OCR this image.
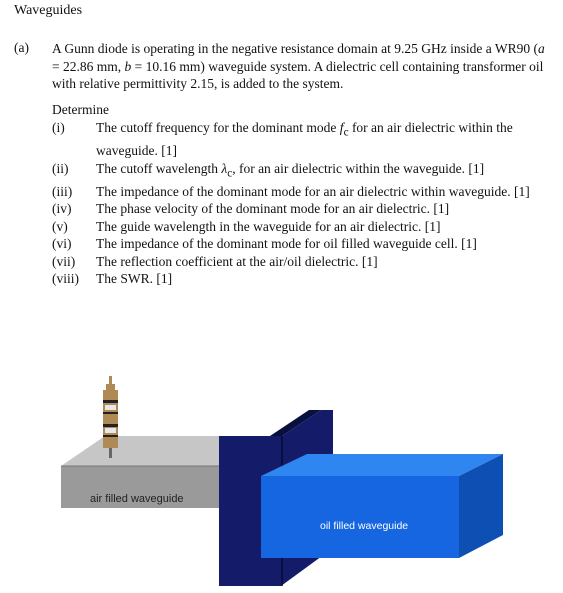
Waveguides
(a) A Gunn diode is operating in the negative resistance domain at 9.25 GHz inside a WR90 (a = 22.86 mm, b = 10.16 mm) waveguide system. A dielectric cell containing transformer oil with relative permittivity 2.15, is added to the system.
Determine
(i)	The cutoff frequency for the dominant mode $f_c$ for an air dielectric within the waveguide. [1]
(ii)	The cutoff wavelength $\lambda_c$, for an air dielectric within the waveguide. [1]
(iii)	The impedance of the dominant mode for an air dielectric within waveguide. [1]
(iv)	The phase velocity of the dominant mode for an air dielectric. [1]
(v)	The guide wavelength in the waveguide for an air dielectric. [1]
(vi)	The impedance of the dominant mode for oil filled waveguide cell. [1]
(vii)	The reflection coefficient at the air/oil dielectric. [1]
(viii)	The SWR. [1]
air filled waveguide
oil filled waveguide
